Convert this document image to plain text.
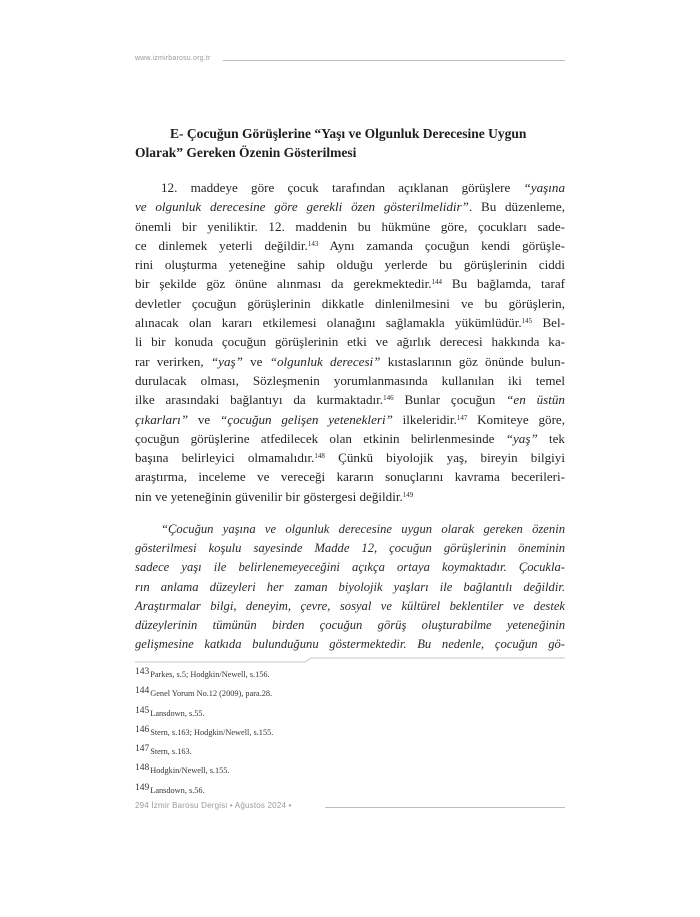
www.izmirbarosu.org.tr
E- Çocuğun Görüşlerine “Yaşı ve Olgunluk Derecesine Uygun
Olarak” Gereken Özenin Gösterilmesi
12. maddeye göre çocuk tarafından açıklanan görüşlere “yaşına
ve olgunluk derecesine göre gerekli özen gösterilmelidir”. Bu düzenleme,
önemli bir yeniliktir. 12. maddenin bu hükmüne göre, çocukları sade-
ce dinlemek yeterli değildir.$^{143}$ Aynı zamanda çocuğun kendi görüşle-
rini oluşturma yeteneğine sahip olduğu yerlerde bu görüşlerinin ciddi
bir şekilde göz önüne alınması da gerekmektedir.$^{144}$ Bu bağlamda, taraf
devletler çocuğun görüşlerinin dikkatle dinlenilmesini ve bu görüşlerin,
alınacak olan kararı etkilemesi olanağını sağlamakla yükümlüdür.$^{145}$ Bel-
li bir konuda çocuğun görüşlerinin etki ve ağırlık derecesi hakkında ka-
rar verirken, “yaş” ve “olgunluk derecesi” kıstaslarının göz önünde bulun-
durulacak olması, Sözleşmenin yorumlanmasında kullanılan iki temel
ilke arasındaki bağlantıyı da kurmaktadır.$^{146}$ Bunlar çocuğun “en üstün
çıkarları” ve “çocuğun gelişen yetenekleri” ilkeleridir.$^{147}$ Komiteye göre,
çocuğun görüşlerine atfedilecek olan etkinin belirlenmesinde “yaş” tek
başına belirleyici olmamalıdır.$^{148}$ Çünkü biyolojik yaş, bireyin bilgiyi
araştırma, inceleme ve vereceği kararın sonuçlarını kavrama becerileri-
nin ve yeteneğinin güvenilir bir göstergesi değildir.$^{149}$
“Çocuğun yaşına ve olgunluk derecesine uygun olarak gereken özenin
gösterilmesi koşulu sayesinde Madde 12, çocuğun görüşlerinin öneminin
sadece yaşı ile belirlenemeyeceğini açıkça ortaya koymaktadır. Çocukla-
rın anlama düzeyleri her zaman biyolojik yaşları ile bağlantılı değildir.
Araştırmalar bilgi, deneyim, çevre, sosyal ve kültürel beklentiler ve destek
düzeylerinin tümünün birden çocuğun görüş oluşturabilme yeteneğinin
gelişmesine katkıda bulunduğunu göstermektedir. Bu nedenle, çocuğun gö-
143Parkes, s.5; Hodgkin/Newell, s.156.
144Genel Yorum No.12 (2009), para.28.
145Lansdown, s.55.
146Stern, s.163; Hodgkin/Newell, s.155.
147Stern, s.163.
148Hodgkin/Newell, s.155.
149Lansdown, s.56.
294 İzmir Barosu Dergisi • Ağustos 2024 •
